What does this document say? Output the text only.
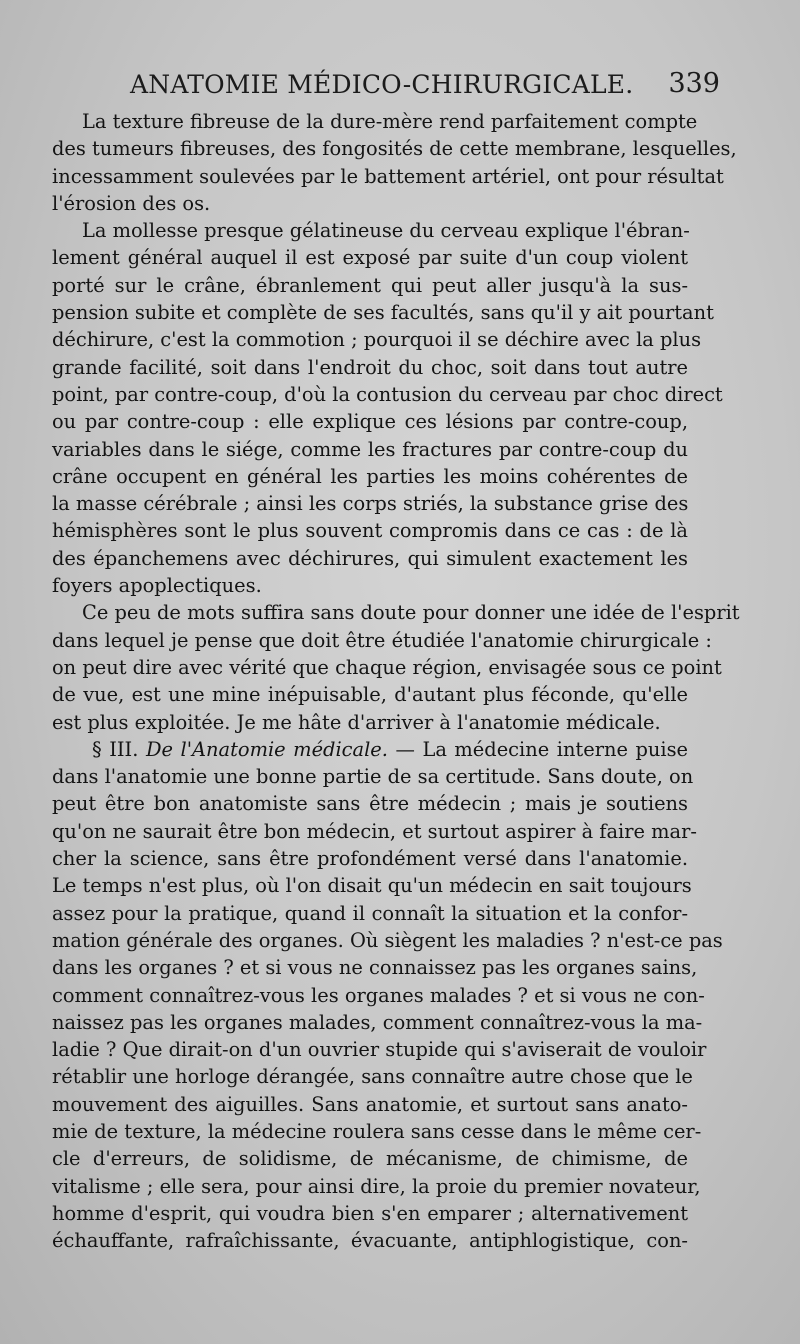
ANATOMIE MÉDICO-CHIRURGICALE. 339

La texture fibreuse de la dure-mère rend parfaitement compte
des tumeurs fibreuses, des fongosités de cette membrane, lesquelles,
incessamment soulevées par le battement artériel, ont pour résultat
l'érosion des os.

La mollesse presque gélatineuse du cerveau explique l'ébran-
lement général auquel il est exposé par suite d'un coup violent
porté sur le crâne, ébranlement qui peut aller jusqu'à la sus-
pension subite et complète de ses facultés, sans qu'il y ait pourtant
déchirure, c'est la commotion ; pourquoi il se déchire avec la plus
grande facilité, soit dans l'endroit du choc, soit dans tout autre
point, par contre-coup, d'où la contusion du cerveau par choc direct
ou par contre-coup : elle explique ces lésions par contre-coup,
variables dans le siége, comme les fractures par contre-coup du
crâne occupent en général les parties les moins cohérentes de
la masse cérébrale ; ainsi les corps striés, la substance grise des
hémisphères sont le plus souvent compromis dans ce cas : de là
des épanchemens avec déchirures, qui simulent exactement les
foyers apoplectiques.

Ce peu de mots suffira sans doute pour donner une idée de l'esprit
dans lequel je pense que doit être étudiée l'anatomie chirurgicale :
on peut dire avec vérité que chaque région, envisagée sous ce point
de vue, est une mine inépuisable, d'autant plus féconde, qu'elle
est plus exploitée. Je me hâte d'arriver à l'anatomie médicale.

§ III. De l'Anatomie médicale. — La médecine interne puise
dans l'anatomie une bonne partie de sa certitude. Sans doute, on
peut être bon anatomiste sans être médecin ; mais je soutiens
qu'on ne saurait être bon médecin, et surtout aspirer à faire mar-
cher la science, sans être profondément versé dans l'anatomie.
Le temps n'est plus, où l'on disait qu'un médecin en sait toujours
assez pour la pratique, quand il connaît la situation et la confor-
mation générale des organes. Où siègent les maladies ? n'est-ce pas
dans les organes ? et si vous ne connaissez pas les organes sains,
comment connaîtrez-vous les organes malades ? et si vous ne con-
naissez pas les organes malades, comment connaîtrez-vous la ma-
ladie ? Que dirait-on d'un ouvrier stupide qui s'aviserait de vouloir
rétablir une horloge dérangée, sans connaître autre chose que le
mouvement des aiguilles. Sans anatomie, et surtout sans anato-
mie de texture, la médecine roulera sans cesse dans le même cer-
cle d'erreurs, de solidisme, de mécanisme, de chimisme, de
vitalisme ; elle sera, pour ainsi dire, la proie du premier novateur,
homme d'esprit, qui voudra bien s'en emparer ; alternativement
échauffante, rafraîchissante, évacuante, antiphlogistique, con-
